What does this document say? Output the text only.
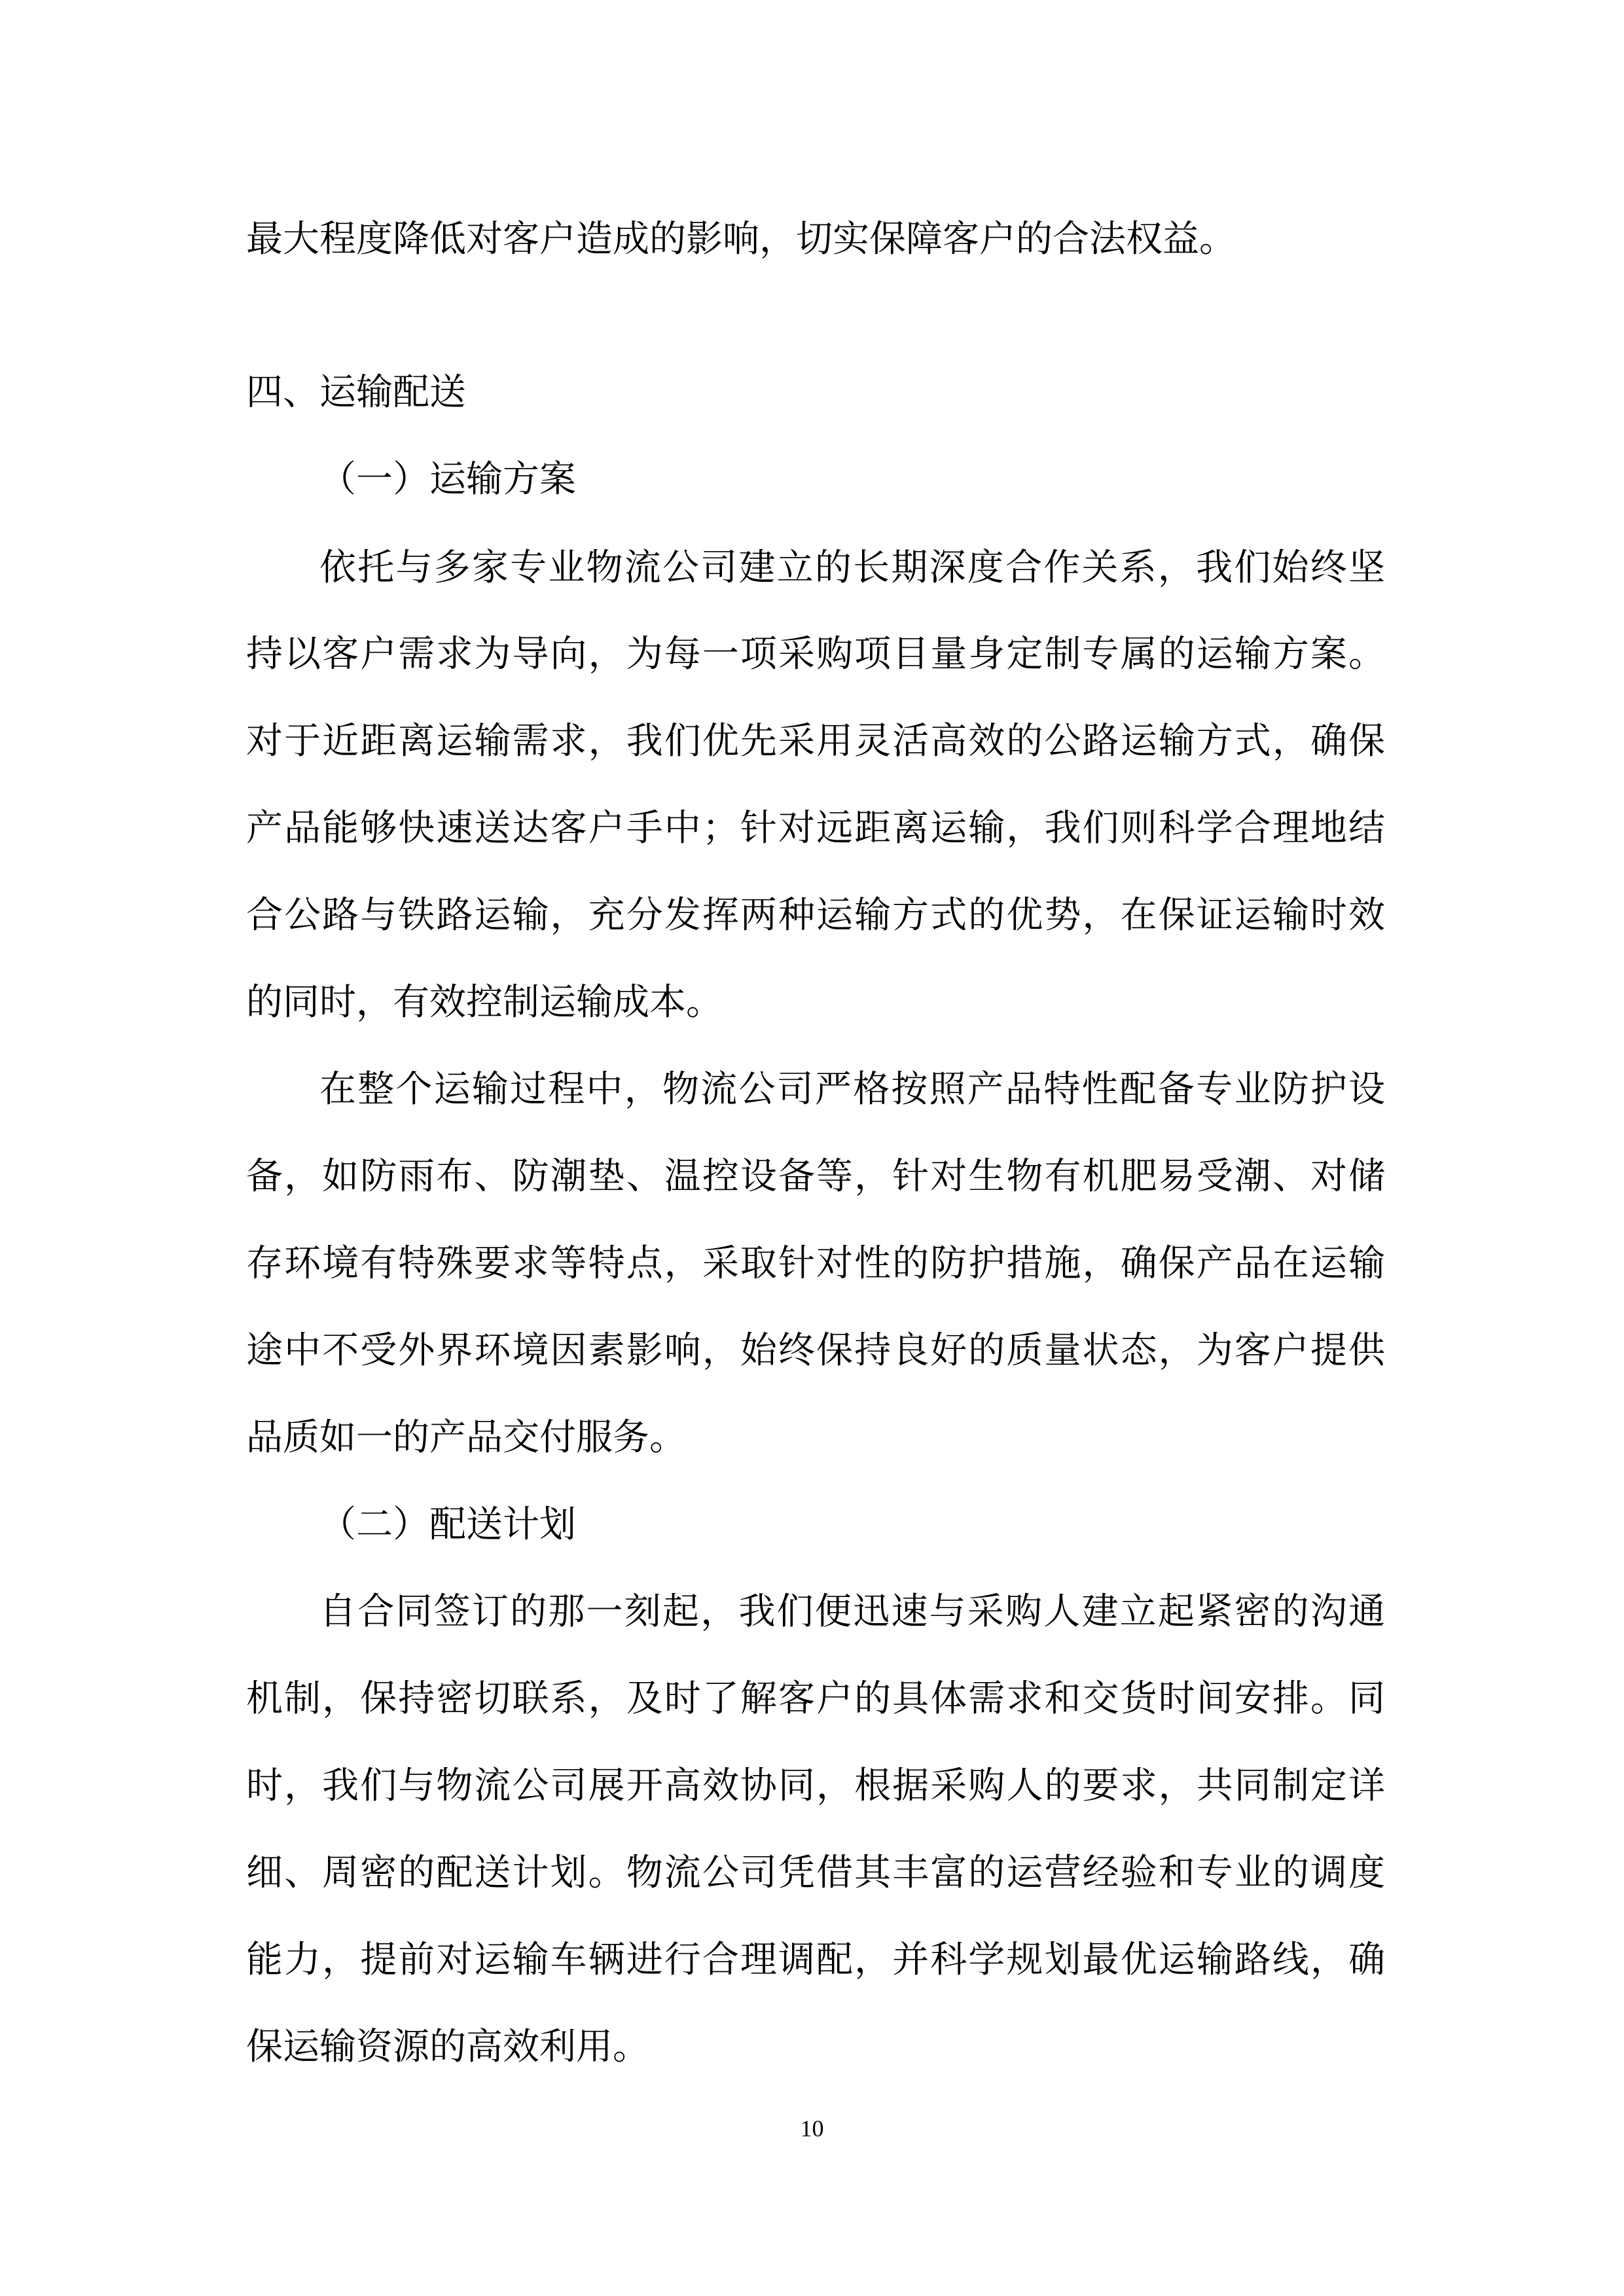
最大程度降低对客户造成的影响，切实保障客户的合法权益。
四、运输配送
（一）运输方案
依托与多家专业物流公司建立的长期深度合作关系，我们始终坚
持以客户需求为导向，为每一项采购项目量身定制专属的运输方案。
对于近距离运输需求，我们优先采用灵活高效的公路运输方式，确保
产品能够快速送达客户手中；针对远距离运输，我们则科学合理地结
合公路与铁路运输，充分发挥两种运输方式的优势，在保证运输时效
的同时，有效控制运输成本。
在整个运输过程中，物流公司严格按照产品特性配备专业防护设
备，如防雨布、防潮垫、温控设备等，针对生物有机肥易受潮、对储
存环境有特殊要求等特点，采取针对性的防护措施，确保产品在运输
途中不受外界环境因素影响，始终保持良好的质量状态，为客户提供
品质如一的产品交付服务。
（二）配送计划
自合同签订的那一刻起，我们便迅速与采购人建立起紧密的沟通
机制，保持密切联系，及时了解客户的具体需求和交货时间安排。同
时，我们与物流公司展开高效协同，根据采购人的要求，共同制定详
细、周密的配送计划。物流公司凭借其丰富的运营经验和专业的调度
能力，提前对运输车辆进行合理调配，并科学规划最优运输路线，确
保运输资源的高效利用。
10
